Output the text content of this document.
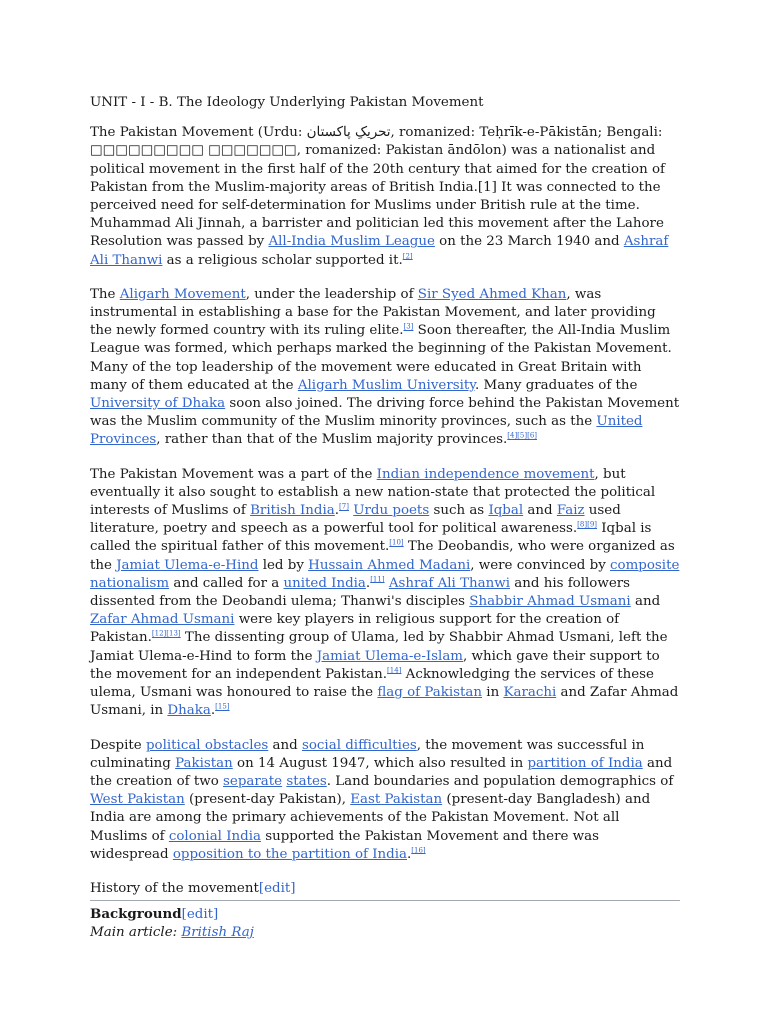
UNIT - I - B. The Ideology Underlying Pakistan Movement

The Pakistan Movement (Urdu: تحریکِ پاکستان, romanized: Teḥrīk-e-Pākistān; Bengali: □□□□□□□□□ □□□□□□□, romanized: Pakistan āndōlon) was a nationalist and political movement in the first half of the 20th century that aimed for the creation of Pakistan from the Muslim-majority areas of British India.[1] It was connected to the perceived need for self-determination for Muslims under British rule at the time. Muhammad Ali Jinnah, a barrister and politician led this movement after the Lahore Resolution was passed by All-India Muslim League on the 23 March 1940 and Ashraf Ali Thanwi as a religious scholar supported it.[2]

The Aligarh Movement, under the leadership of Sir Syed Ahmed Khan, was instrumental in establishing a base for the Pakistan Movement, and later providing the newly formed country with its ruling elite.[3] Soon thereafter, the All-India Muslim League was formed, which perhaps marked the beginning of the Pakistan Movement. Many of the top leadership of the movement were educated in Great Britain with many of them educated at the Aligarh Muslim University. Many graduates of the University of Dhaka soon also joined. The driving force behind the Pakistan Movement was the Muslim community of the Muslim minority provinces, such as the United Provinces, rather than that of the Muslim majority provinces.[4][5][6]

The Pakistan Movement was a part of the Indian independence movement, but eventually it also sought to establish a new nation-state that protected the political interests of Muslims of British India.[7] Urdu poets such as Iqbal and Faiz used literature, poetry and speech as a powerful tool for political awareness.[8][9] Iqbal is called the spiritual father of this movement.[10] The Deobandis, who were organized as the Jamiat Ulema-e-Hind led by Hussain Ahmed Madani, were convinced by composite nationalism and called for a united India.[11] Ashraf Ali Thanwi and his followers dissented from the Deobandi ulema; Thanwi's disciples Shabbir Ahmad Usmani and Zafar Ahmad Usmani were key players in religious support for the creation of Pakistan.[12][13] The dissenting group of Ulama, led by Shabbir Ahmad Usmani, left the Jamiat Ulema-e-Hind to form the Jamiat Ulema-e-Islam, which gave their support to the movement for an independent Pakistan.[14] Acknowledging the services of these ulema, Usmani was honoured to raise the flag of Pakistan in Karachi and Zafar Ahmad Usmani, in Dhaka.[15]

Despite political obstacles and social difficulties, the movement was successful in culminating Pakistan on 14 August 1947, which also resulted in partition of India and the creation of two separate states. Land boundaries and population demographics of West Pakistan (present-day Pakistan), East Pakistan (present-day Bangladesh) and India are among the primary achievements of the Pakistan Movement. Not all Muslims of colonial India supported the Pakistan Movement and there was widespread opposition to the partition of India.[16]

History of the movement[edit]
Background[edit]
Main article: British Raj
